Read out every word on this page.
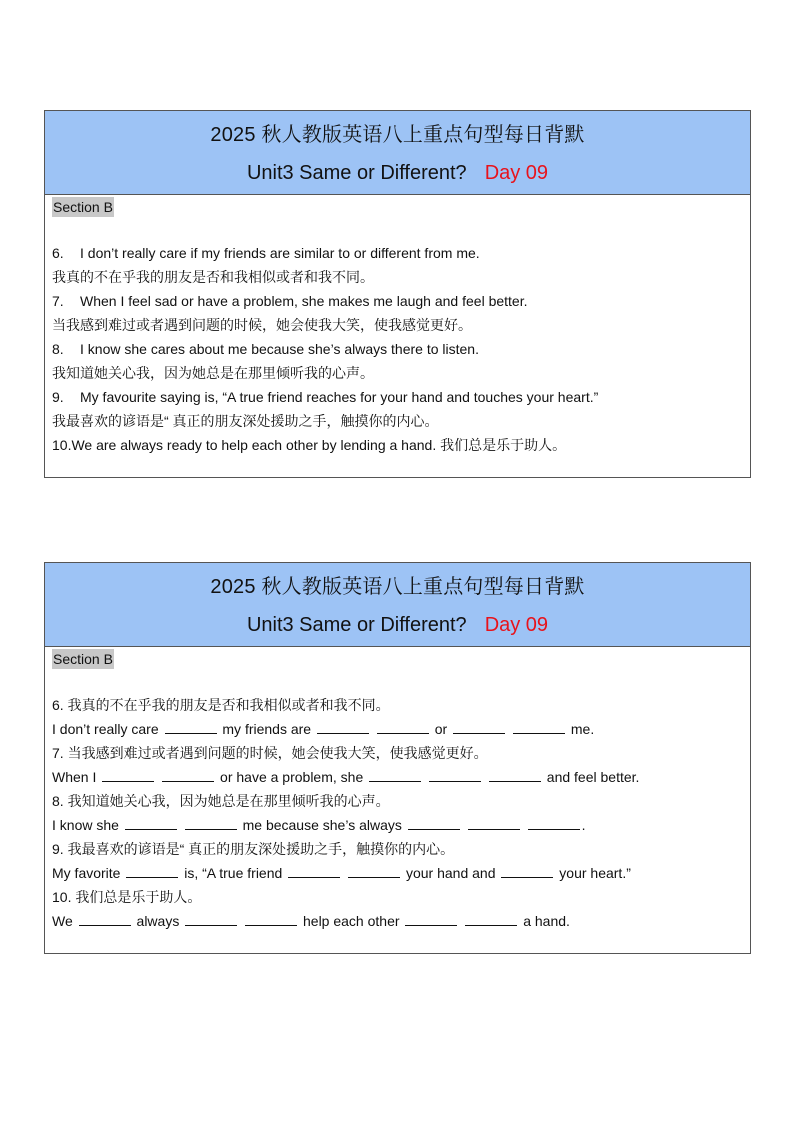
2025 秋人教版英语八上重点句型每日背默
Unit3 Same or Different? Day 09
Section B
6. I don’t really care if my friends are similar to or different from me.
我真的不在乎我的朋友是否和我相似或者和我不同。
7. When I feel sad or have a problem, she makes me laugh and feel better.
当我感到难过或者遇到问题的时候，她会使我大笑，使我感觉更好。
8. I know she cares about me because she’s always there to listen.
我知道她关心我，因为她总是在那里倾听我的心声。
9. My favourite saying is, “A true friend reaches for your hand and touches your heart.”
我最喜欢的谚语是“ 真正的朋友深处援助之手，触摸你的内心。
10.We are always ready to help each other by lending a hand. 我们总是乐于助人。
2025 秋人教版英语八上重点句型每日背默
Unit3 Same or Different? Day 09
Section B
6. 我真的不在乎我的朋友是否和我相似或者和我不同。
I don’t really care	my friends are	or	me.
7. 当我感到难过或者遇到问题的时候，她会使我大笑，使我感觉更好。
When I	or have a problem, she	and feel better.
8. 我知道她关心我，因为她总是在那里倾听我的心声。
I know she	me because she’s always	.
9. 我最喜欢的谚语是“ 真正的朋友深处援助之手，触摸你的内心。
My favorite	is, “A true friend	your hand and	your heart.”
10. 我们总是乐于助人。
We	always	help each other	a hand.
